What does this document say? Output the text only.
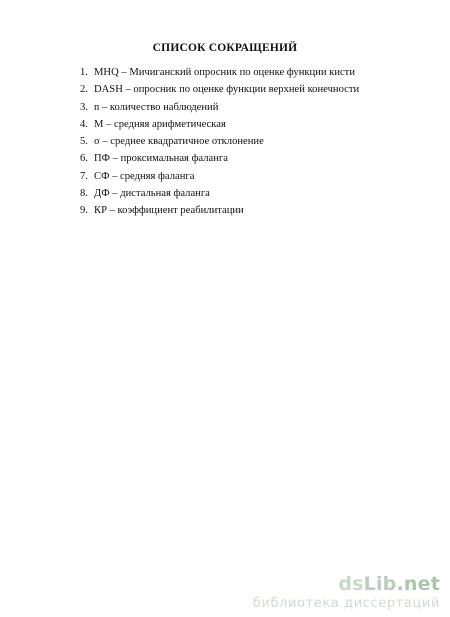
СПИСОК СОКРАЩЕНИЙ
1. MHQ – Мичиганский опросник по оценке функции кисти
2. DASH – опросник по оценке функции верхней конечности
3. n – количество наблюдений
4. M – средняя арифметическая
5. σ – среднее квадратичное отклонение
6. ПФ – проксимальная фаланга
7. СФ – средняя фаланга
8. ДФ – дистальная фаланга
9. КР – коэффициент реабилитации
dsLib.net
библиотека диссертаций
